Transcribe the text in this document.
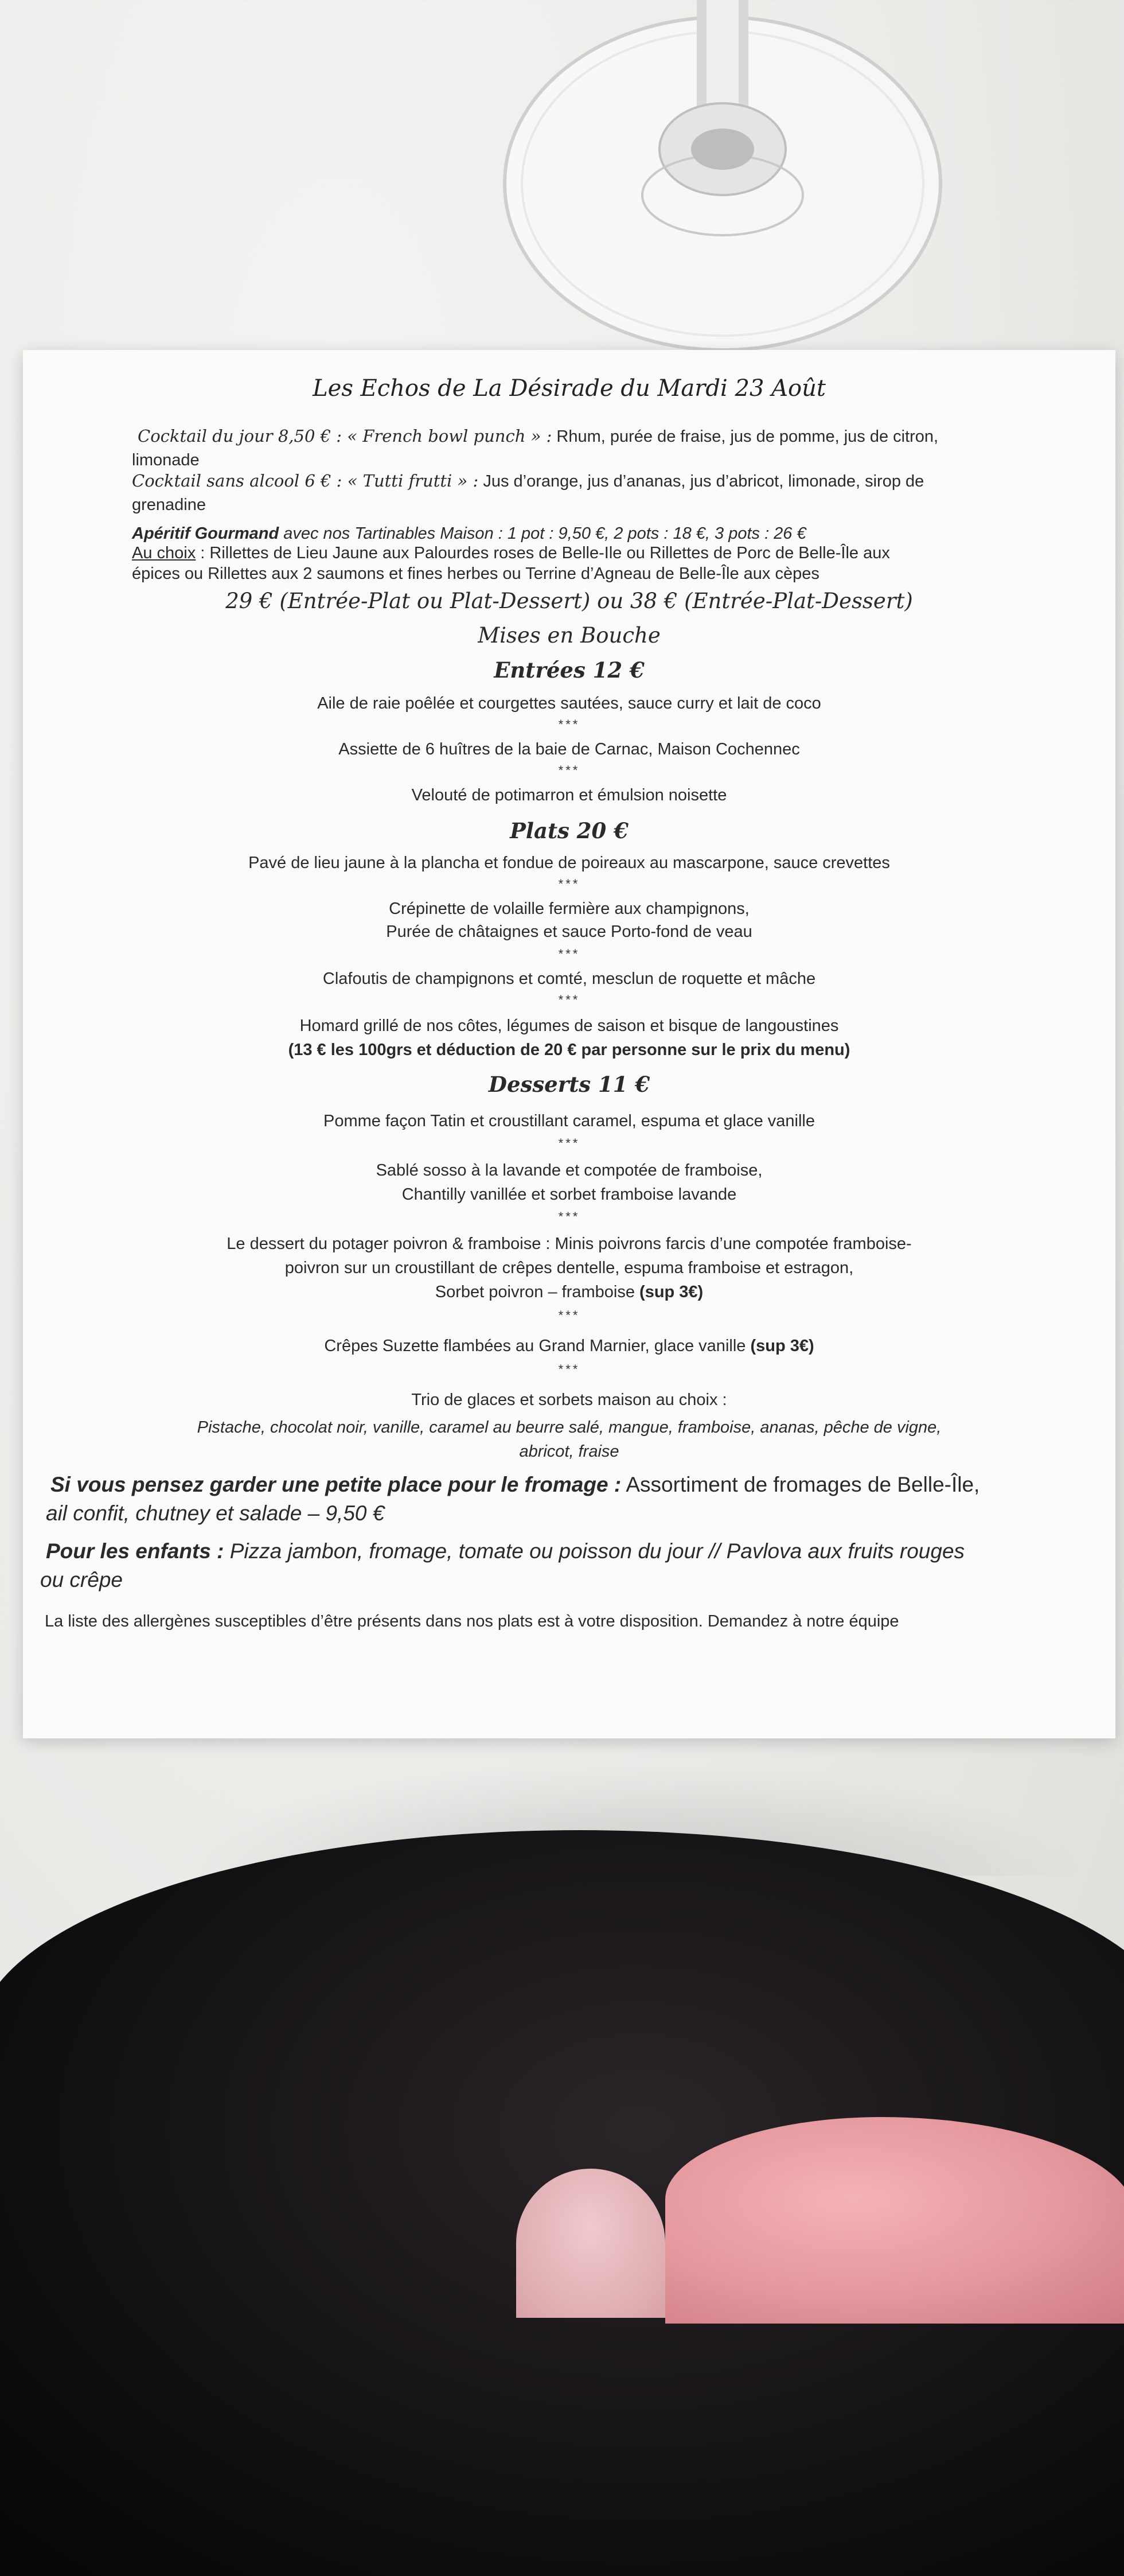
Les Echos de La Désirade du Mardi 23 Août
Cocktail du jour 8,50 € : « French bowl punch » : Rhum, purée de fraise, jus de pomme, jus de citron,
limonade
Cocktail sans alcool 6 € : « Tutti frutti » : Jus d’orange, jus d’ananas, jus d’abricot, limonade, sirop de
grenadine
Apéritif Gourmand avec nos Tartinables Maison : 1 pot : 9,50 €, 2 pots : 18 €, 3 pots : 26 €
Au choix : Rillettes de Lieu Jaune aux Palourdes roses de Belle-Ile ou Rillettes de Porc de Belle-Île aux
épices ou Rillettes aux 2 saumons et fines herbes ou Terrine d’Agneau de Belle-Île aux cèpes
29 € (Entrée-Plat ou Plat-Dessert) ou 38 € (Entrée-Plat-Dessert)
Mises en Bouche
Entrées 12 €
Aile de raie poêlée et courgettes sautées, sauce curry et lait de coco
***
Assiette de 6 huîtres de la baie de Carnac, Maison Cochennec
***
Velouté de potimarron et émulsion noisette
Plats 20 €
Pavé de lieu jaune à la plancha et fondue de poireaux au mascarpone, sauce crevettes
***
Crépinette de volaille fermière aux champignons,
Purée de châtaignes et sauce Porto-fond de veau
***
Clafoutis de champignons et comté, mesclun de roquette et mâche
***
Homard grillé de nos côtes, légumes de saison et bisque de langoustines
(13 € les 100grs et déduction de 20 € par personne sur le prix du menu)
Desserts 11 €
Pomme façon Tatin et croustillant caramel, espuma et glace vanille
***
Sablé sosso à la lavande et compotée de framboise,
Chantilly vanillée et sorbet framboise lavande
***
Le dessert du potager poivron & framboise : Minis poivrons farcis d’une compotée framboise-
poivron sur un croustillant de crêpes dentelle, espuma framboise et estragon,
Sorbet poivron – framboise (sup 3€)
***
Crêpes Suzette flambées au Grand Marnier, glace vanille (sup 3€)
***
Trio de glaces et sorbets maison au choix :
Pistache, chocolat noir, vanille, caramel au beurre salé, mangue, framboise, ananas, pêche de vigne,
abricot, fraise
Si vous pensez garder une petite place pour le fromage : Assortiment de fromages de Belle-Île,
ail confit, chutney et salade – 9,50 €
Pour les enfants : Pizza jambon, fromage, tomate ou poisson du jour // Pavlova aux fruits rouges
ou crêpe
La liste des allergènes susceptibles d’être présents dans nos plats est à votre disposition. Demandez à notre équipe
